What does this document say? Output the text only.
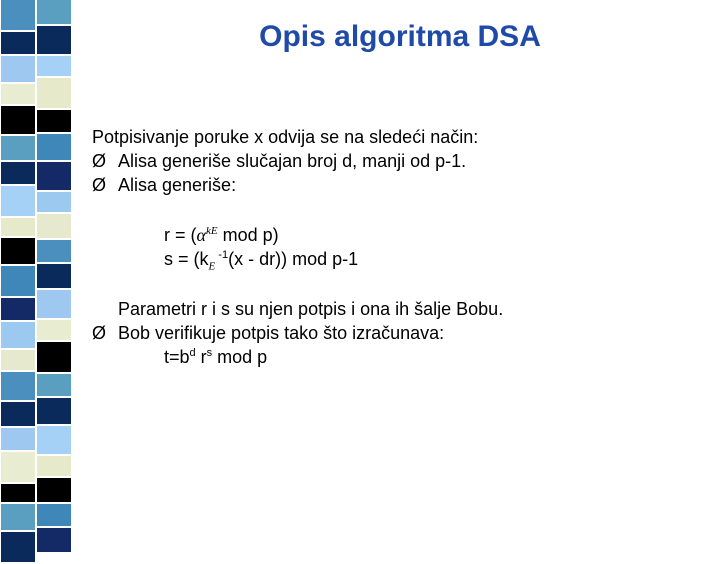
Opis algoritma DSA
Potpisivanje poruke x odvija se na sledeći način:
Ø Alisa generiše slučajan broj d, manji od p-1.
Ø Alisa generiše:
$r = (\alpha^{kE}$ mod p)
$s = (k_E$ $^{-1}$(x - dr)) mod p-1
Parametri r i s su njen potpis i ona ih šalje Bobu.
Ø Bob verifikuje potpis tako što izračunava:
$t=b^d$ $r^s$ mod p
